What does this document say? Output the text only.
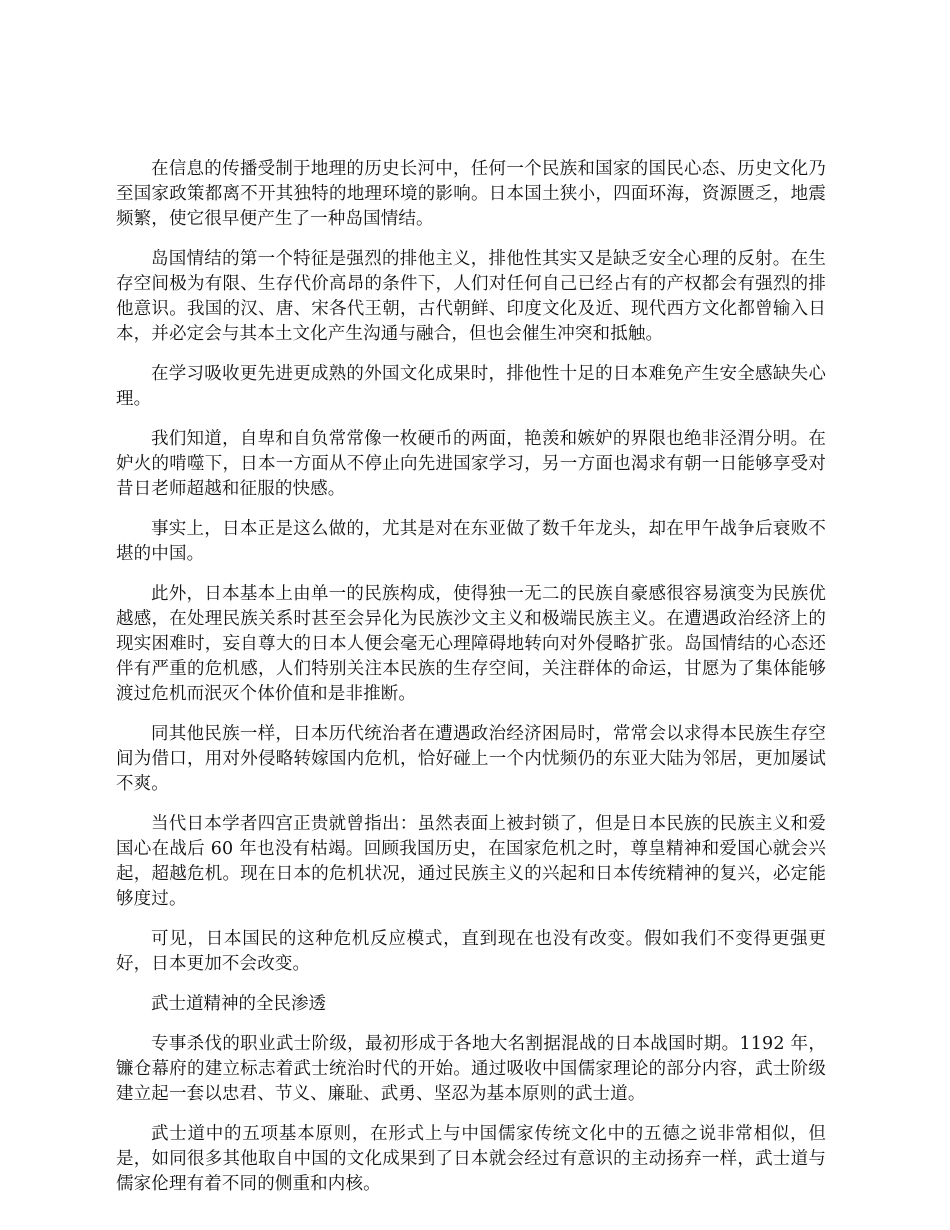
在信息的传播受制于地理的历史长河中，任何一个民族和国家的国民心态、历史文化乃至国家政策都离不开其独特的地理环境的影响。日本国土狭小，四面环海，资源匮乏，地震频繁，使它很早便产生了一种岛国情结。

岛国情结的第一个特征是强烈的排他主义，排他性其实又是缺乏安全心理的反射。在生存空间极为有限、生存代价高昂的条件下，人们对任何自己已经占有的产权都会有强烈的排他意识。我国的汉、唐、宋各代王朝，古代朝鲜、印度文化及近、现代西方文化都曾输入日本，并必定会与其本土文化产生沟通与融合，但也会催生冲突和抵触。

在学习吸收更先进更成熟的外国文化成果时，排他性十足的日本难免产生安全感缺失心理。

我们知道，自卑和自负常常像一枚硬币的两面，艳羡和嫉妒的界限也绝非泾渭分明。在妒火的啃噬下，日本一方面从不停止向先进国家学习，另一方面也渴求有朝一日能够享受对昔日老师超越和征服的快感。

事实上，日本正是这么做的，尤其是对在东亚做了数千年龙头，却在甲午战争后衰败不堪的中国。

此外，日本基本上由单一的民族构成，使得独一无二的民族自豪感很容易演变为民族优越感，在处理民族关系时甚至会异化为民族沙文主义和极端民族主义。在遭遇政治经济上的现实困难时，妄自尊大的日本人便会毫无心理障碍地转向对外侵略扩张。岛国情结的心态还伴有严重的危机感，人们特别关注本民族的生存空间，关注群体的命运，甘愿为了集体能够渡过危机而泯灭个体价值和是非推断。

同其他民族一样，日本历代统治者在遭遇政治经济困局时，常常会以求得本民族生存空间为借口，用对外侵略转嫁国内危机，恰好碰上一个内忧频仍的东亚大陆为邻居，更加屡试不爽。

当代日本学者四宫正贵就曾指出：虽然表面上被封锁了，但是日本民族的民族主义和爱国心在战后 60 年也没有枯竭。回顾我国历史，在国家危机之时，尊皇精神和爱国心就会兴起，超越危机。现在日本的危机状况，通过民族主义的兴起和日本传统精神的复兴，必定能够度过。

可见，日本国民的这种危机反应模式，直到现在也没有改变。假如我们不变得更强更好，日本更加不会改变。

武士道精神的全民渗透

专事杀伐的职业武士阶级，最初形成于各地大名割据混战的日本战国时期。1192 年，镰仓幕府的建立标志着武士统治时代的开始。通过吸收中国儒家理论的部分内容，武士阶级建立起一套以忠君、节义、廉耻、武勇、坚忍为基本原则的武士道。

武士道中的五项基本原则，在形式上与中国儒家传统文化中的五德之说非常相似，但是，如同很多其他取自中国的文化成果到了日本就会经过有意识的主动扬弃一样，武士道与儒家伦理有着不同的侧重和内核。
